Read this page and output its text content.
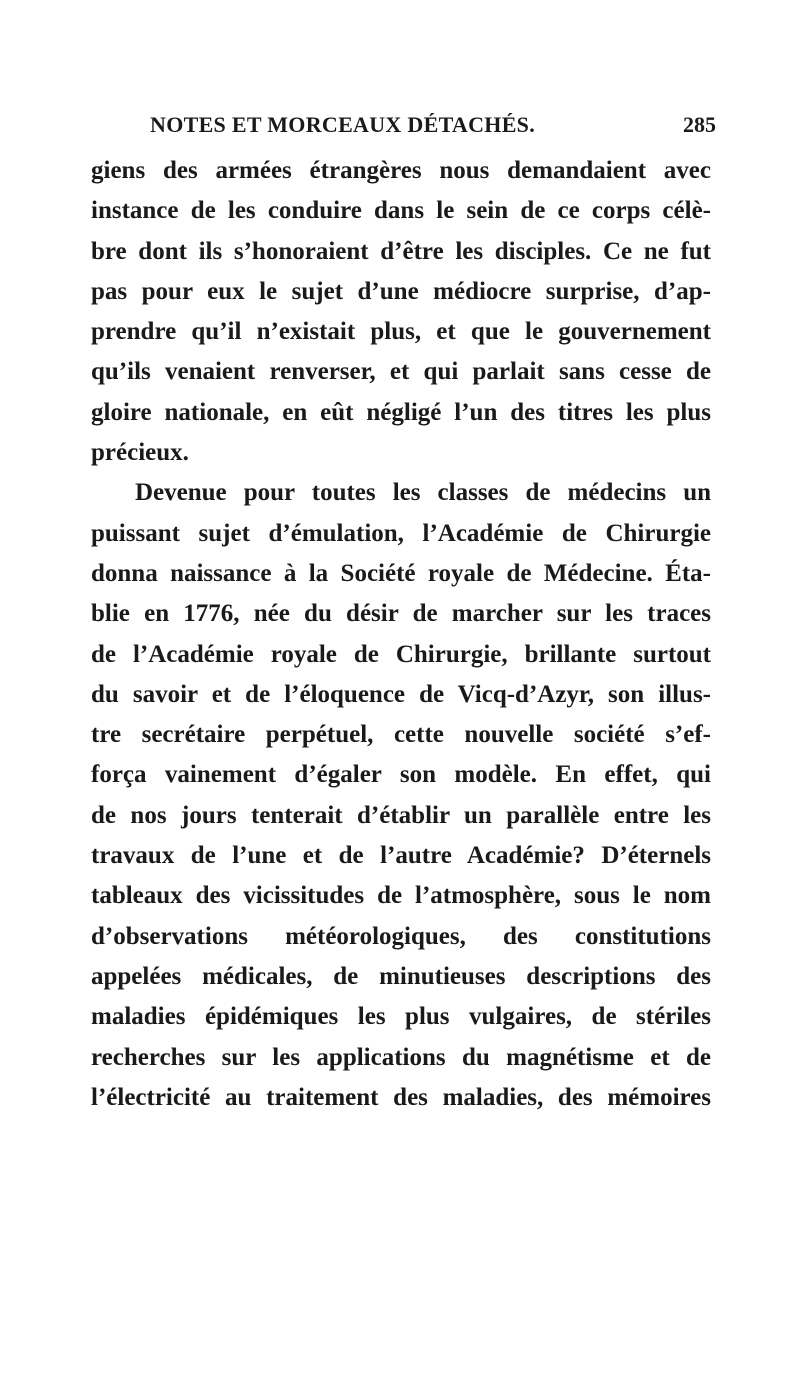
NOTES ET MORCEAUX DÉTACHÉS.	285
giens des armées étrangères nous demandaient avec
instance de les conduire dans le sein de ce corps célè-
bre dont ils s’honoraient d’être les disciples. Ce ne fut
pas pour eux le sujet d’une médiocre surprise, d’ap-
prendre qu’il n’existait plus, et que le gouvernement
qu’ils venaient renverser, et qui parlait sans cesse de
gloire nationale, en eût négligé l’un des titres les plus
précieux.
Devenue pour toutes les classes de médecins un
puissant sujet d’émulation, l’Académie de Chirurgie
donna naissance à la Société royale de Médecine. Éta-
blie en 1776, née du désir de marcher sur les traces
de l’Académie royale de Chirurgie, brillante surtout
du savoir et de l’éloquence de Vicq-d’Azyr, son illus-
tre secrétaire perpétuel, cette nouvelle société s’ef-
força vainement d’égaler son modèle. En effet, qui
de nos jours tenterait d’établir un parallèle entre les
travaux de l’une et de l’autre Académie? D’éternels
tableaux des vicissitudes de l’atmosphère, sous le nom
d’observations météorologiques, des constitutions
appelées médicales, de minutieuses descriptions des
maladies épidémiques les plus vulgaires, de stériles
recherches sur les applications du magnétisme et de
l’électricité au traitement des maladies, des mémoires
